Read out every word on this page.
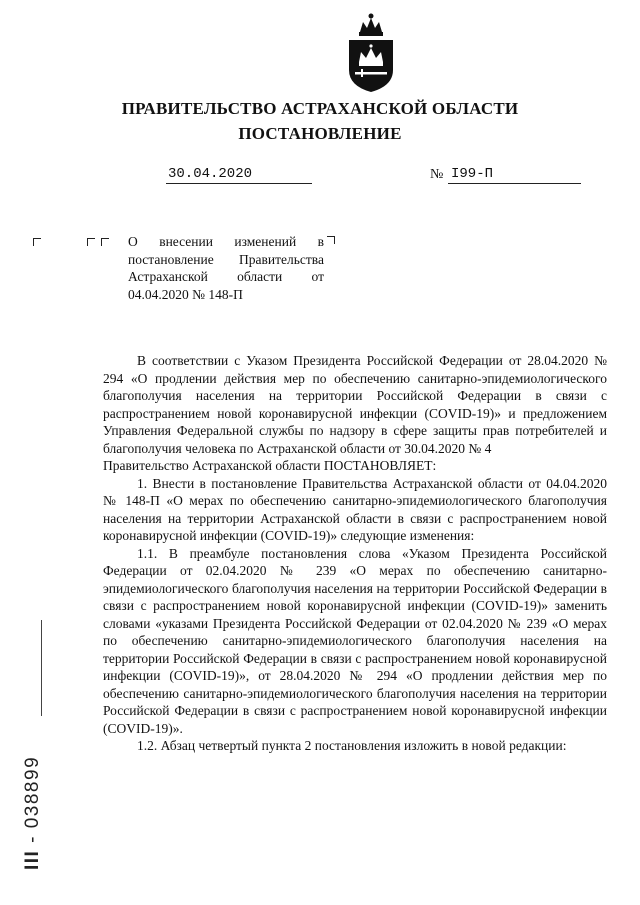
ПРАВИТЕЛЬСТВО АСТРАХАНСКОЙ ОБЛАСТИ
ПОСТАНОВЛЕНИЕ
30.04.2020	№ I99-П
О внесении изменений в постановление Правительства Астраханской области от 04.04.2020 № 148-П

В соответствии с Указом Президента Российской Федерации от 28.04.2020 № 294 «О продлении действия мер по обеспечению санитарно-эпидемиологического благополучия населения на территории Российской Федерации в связи с распространением новой коронавирусной инфекции (COVID-19)» и предложением Управления Федеральной службы по надзору в сфере защиты прав потребителей и благополучия человека по Астраханской области от 30.04.2020 № 4

Правительство Астраханской области ПОСТАНОВЛЯЕТ:

1. Внести в постановление Правительства Астраханской области от 04.04.2020 № 148-П «О мерах по обеспечению санитарно-эпидемиологического благополучия населения на территории Астраханской области в связи с распространением новой коронавирусной инфекции (COVID-19)» следующие изменения:

1.1. В преамбуле постановления слова «Указом Президента Российской Федерации от 02.04.2020 № 239 «О мерах по обеспечению санитарно-эпидемиологического благополучия населения на территории Российской Федерации в связи с распространением новой коронавирусной инфекции (COVID-19)» заменить словами «указами Президента Российской Федерации от 02.04.2020 № 239 «О мерах по обеспечению санитарно-эпидемиологического благополучия населения на территории Российской Федерации в связи с распространением новой коронавирусной инфекции (COVID-19)», от 28.04.2020 № 294 «О продлении действия мер по обеспечению санитарно-эпидемиологического благополучия населения на территории Российской Федерации в связи с распространением новой коронавирусной инфекции (COVID-19)».

1.2. Абзац четвертый пункта 2 постановления изложить в новой редакции:

III - 038899
